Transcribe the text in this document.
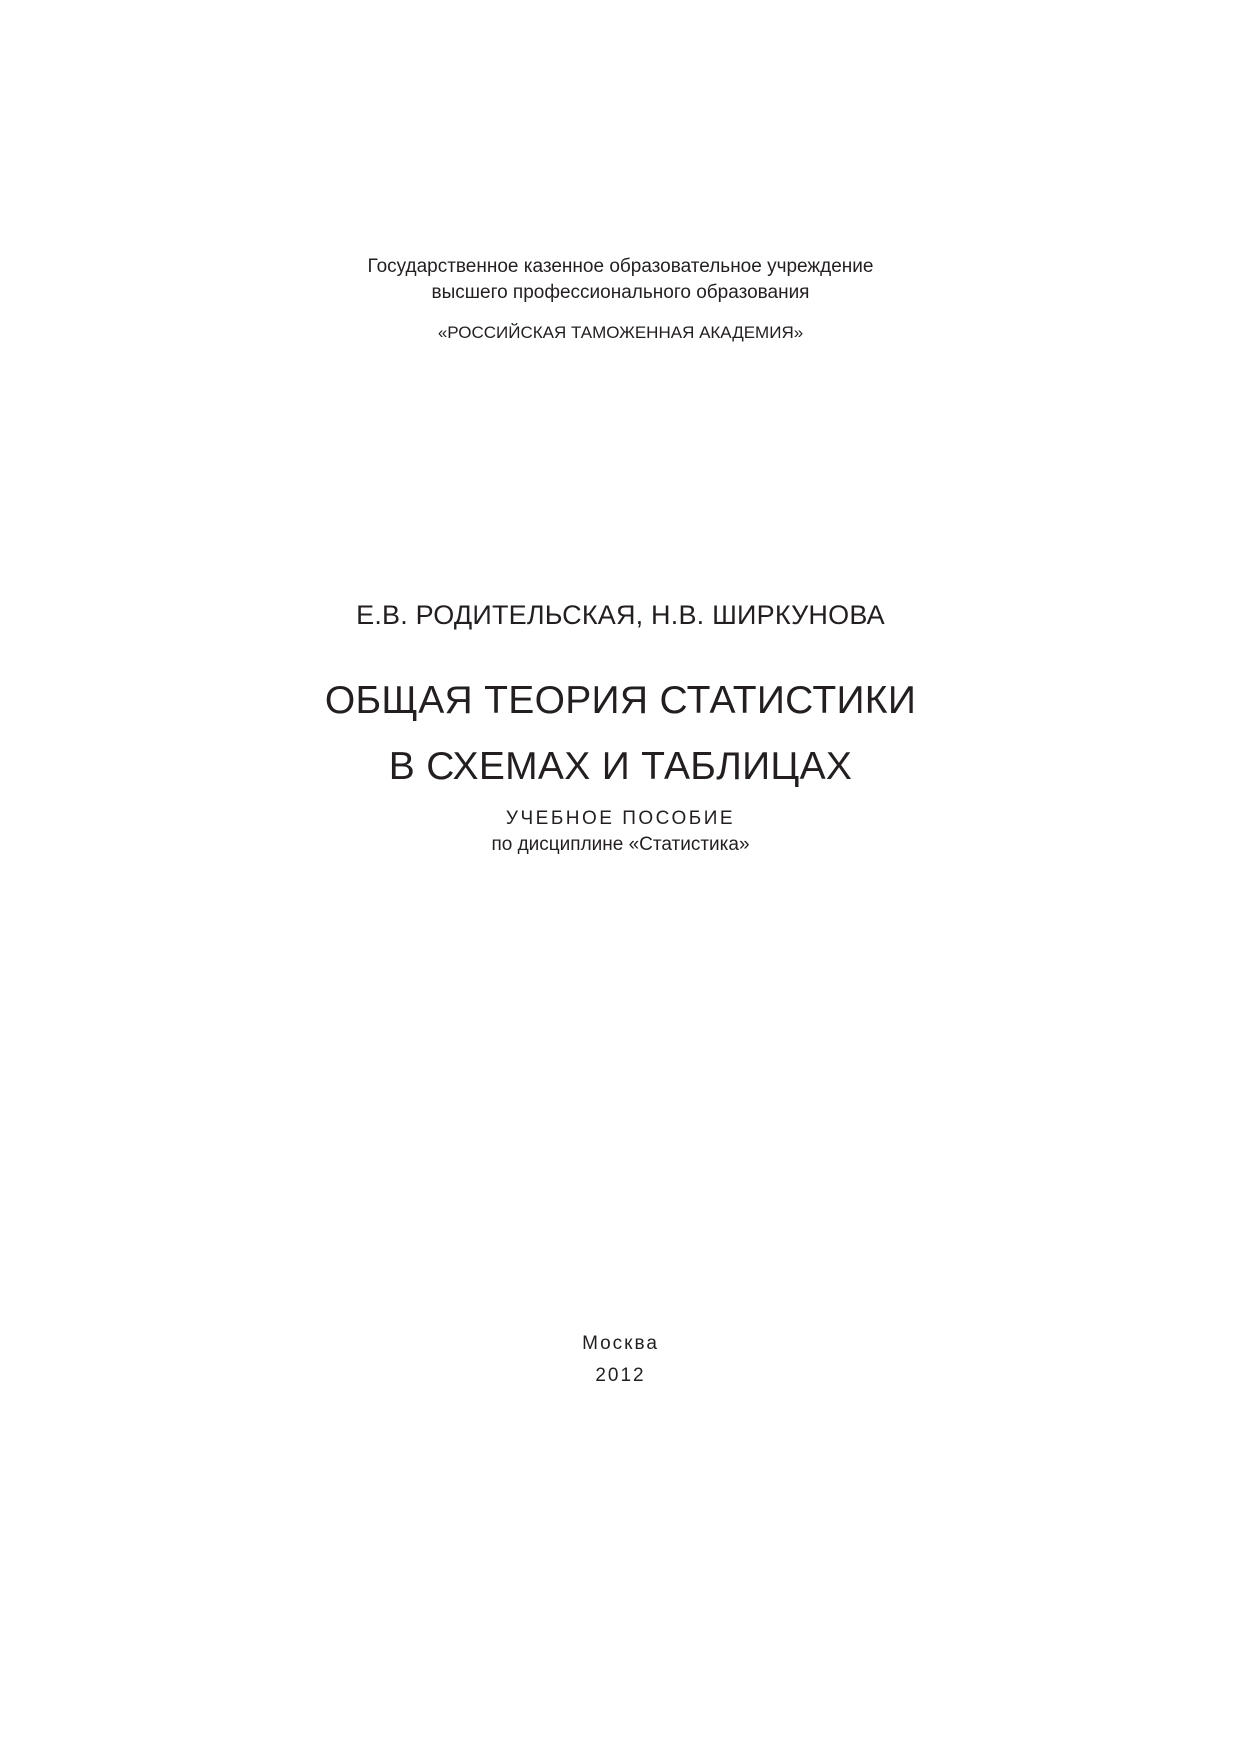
Государственное казенное образовательное учреждение
высшего профессионального образования
«РОССИЙСКАЯ ТАМОЖЕННАЯ АКАДЕМИЯ»
Е.В. РОДИТЕЛЬСКАЯ, Н.В. ШИРКУНОВА
ОБЩАЯ ТЕОРИЯ СТАТИСТИКИ
В СХЕМАХ И ТАБЛИЦАХ
УЧЕБНОЕ ПОСОБИЕ
по дисциплине «Статистика»
Москва
2012
